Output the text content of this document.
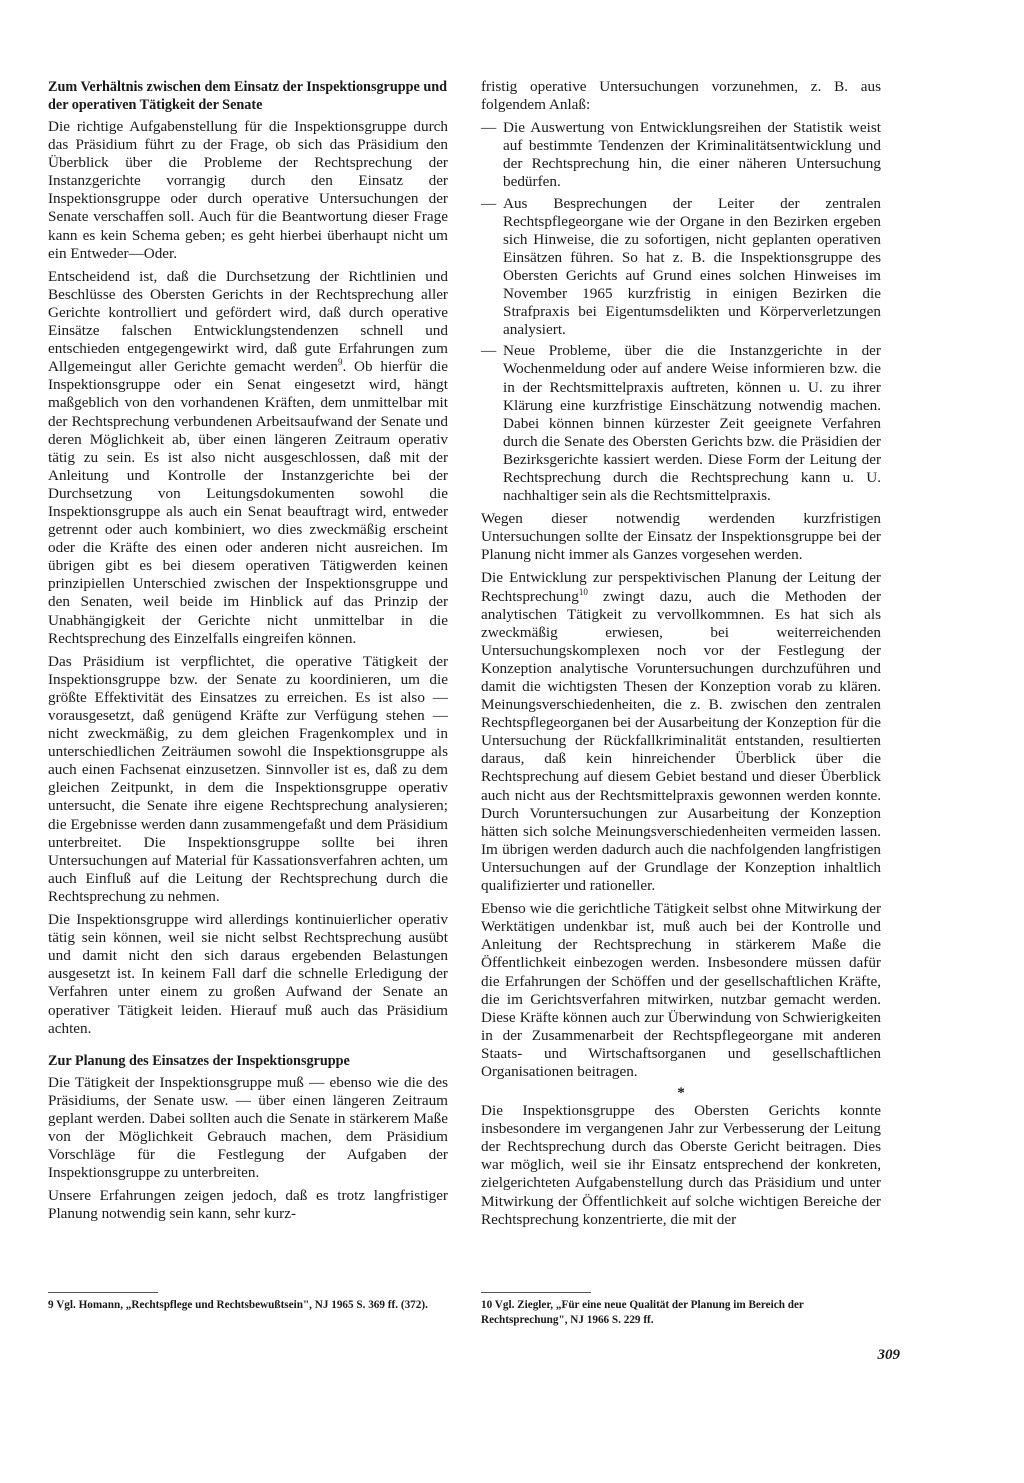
Zum Verhältnis zwischen dem Einsatz der Inspektionsgruppe und der operativen Tätigkeit der Senate

Die richtige Aufgabenstellung für die Inspektionsgruppe durch das Präsidium führt zu der Frage, ob sich das Präsidium den Überblick über die Probleme der Rechtsprechung der Instanzgerichte vorrangig durch den Einsatz der Inspektionsgruppe oder durch operative Untersuchungen der Senate verschaffen soll. Auch für die Beantwortung dieser Frage kann es kein Schema geben; es geht hierbei überhaupt nicht um ein Entweder—Oder.

Entscheidend ist, daß die Durchsetzung der Richtlinien und Beschlüsse des Obersten Gerichts in der Rechtsprechung aller Gerichte kontrolliert und gefördert wird, daß durch operative Einsätze falschen Entwicklungstendenzen schnell und entschieden entgegengewirkt wird, daß gute Erfahrungen zum Allgemeingut aller Gerichte gemacht werden$^9$. Ob hierfür die Inspektionsgruppe oder ein Senat eingesetzt wird, hängt maßgeblich von den vorhandenen Kräften, dem unmittelbar mit der Rechtsprechung verbundenen Arbeitsaufwand der Senate und deren Möglichkeit ab, über einen längeren Zeitraum operativ tätig zu sein. Es ist also nicht ausgeschlossen, daß mit der Anleitung und Kontrolle der Instanzgerichte bei der Durchsetzung von Leitungsdokumenten sowohl die Inspektionsgruppe als auch ein Senat beauftragt wird, entweder getrennt oder auch kombiniert, wo dies zweckmäßig erscheint oder die Kräfte des einen oder anderen nicht ausreichen. Im übrigen gibt es bei diesem operativen Tätigwerden keinen prinzipiellen Unterschied zwischen der Inspektionsgruppe und den Senaten, weil beide im Hinblick auf das Prinzip der Unabhängigkeit der Gerichte nicht unmittelbar in die Rechtsprechung des Einzelfalls eingreifen können.

Das Präsidium ist verpflichtet, die operative Tätigkeit der Inspektionsgruppe bzw. der Senate zu koordinieren, um die größte Effektivität des Einsatzes zu erreichen. Es ist also — vorausgesetzt, daß genügend Kräfte zur Verfügung stehen — nicht zweckmäßig, zu dem gleichen Fragenkomplex und in unterschiedlichen Zeiträumen sowohl die Inspektionsgruppe als auch einen Fachsenat einzusetzen. Sinnvoller ist es, daß zu dem gleichen Zeitpunkt, in dem die Inspektionsgruppe operativ untersucht, die Senate ihre eigene Rechtsprechung analysieren; die Ergebnisse werden dann zusammengefaßt und dem Präsidium unterbreitet. Die Inspektionsgruppe sollte bei ihren Untersuchungen auf Material für Kassationsverfahren achten, um auch Einfluß auf die Leitung der Rechtsprechung durch die Rechtsprechung zu nehmen.

Die Inspektionsgruppe wird allerdings kontinuierlicher operativ tätig sein können, weil sie nicht selbst Rechtsprechung ausübt und damit nicht den sich daraus ergebenden Belastungen ausgesetzt ist. In keinem Fall darf die schnelle Erledigung der Verfahren unter einem zu großen Aufwand der Senate an operativer Tätigkeit leiden. Hierauf muß auch das Präsidium achten.

Zur Planung des Einsatzes der Inspektionsgruppe

Die Tätigkeit der Inspektionsgruppe muß — ebenso wie die des Präsidiums, der Senate usw. — über einen längeren Zeitraum geplant werden. Dabei sollten auch die Senate in stärkerem Maße von der Möglichkeit Gebrauch machen, dem Präsidium Vorschläge für die Festlegung der Aufgaben der Inspektionsgruppe zu unterbreiten.

Unsere Erfahrungen zeigen jedoch, daß es trotz langfristiger Planung notwendig sein kann, sehr kurz-

fristig operative Untersuchungen vorzunehmen, z. B. aus folgendem Anlaß:

— Die Auswertung von Entwicklungsreihen der Statistik weist auf bestimmte Tendenzen der Kriminalitätsentwicklung und der Rechtsprechung hin, die einer näheren Untersuchung bedürfen.
— Aus Besprechungen der Leiter der zentralen Rechtspflegeorgane wie der Organe in den Bezirken ergeben sich Hinweise, die zu sofortigen, nicht geplanten operativen Einsätzen führen. So hat z. B. die Inspektionsgruppe des Obersten Gerichts auf Grund eines solchen Hinweises im November 1965 kurzfristig in einigen Bezirken die Strafpraxis bei Eigentumsdelikten und Körperverletzungen analysiert.
— Neue Probleme, über die die Instanzgerichte in der Wochenmeldung oder auf andere Weise informieren bzw. die in der Rechtsmittelpraxis auftreten, können u. U. zu ihrer Klärung eine kurzfristige Einschätzung notwendig machen. Dabei können binnen kürzester Zeit geeignete Verfahren durch die Senate des Obersten Gerichts bzw. die Präsidien der Bezirksgerichte kassiert werden. Diese Form der Leitung der Rechtsprechung durch die Rechtsprechung kann u. U. nachhaltiger sein als die Rechtsmittelpraxis.

Wegen dieser notwendig werdenden kurzfristigen Untersuchungen sollte der Einsatz der Inspektionsgruppe bei der Planung nicht immer als Ganzes vorgesehen werden.

Die Entwicklung zur perspektivischen Planung der Leitung der Rechtsprechung$^{10}$ zwingt dazu, auch die Methoden der analytischen Tätigkeit zu vervollkommnen. Es hat sich als zweckmäßig erwiesen, bei weiterreichenden Untersuchungskomplexen noch vor der Festlegung der Konzeption analytische Voruntersuchungen durchzuführen und damit die wichtigsten Thesen der Konzeption vorab zu klären. Meinungsverschiedenheiten, die z. B. zwischen den zentralen Rechtspflegeorganen bei der Ausarbeitung der Konzeption für die Untersuchung der Rückfallkriminalität entstanden, resultierten daraus, daß kein hinreichender Überblick über die Rechtsprechung auf diesem Gebiet bestand und dieser Überblick auch nicht aus der Rechtsmittelpraxis gewonnen werden konnte. Durch Voruntersuchungen zur Ausarbeitung der Konzeption hätten sich solche Meinungsverschiedenheiten vermeiden lassen. Im übrigen werden dadurch auch die nachfolgenden langfristigen Untersuchungen auf der Grundlage der Konzeption inhaltlich qualifizierter und rationeller.

Ebenso wie die gerichtliche Tätigkeit selbst ohne Mitwirkung der Werktätigen undenkbar ist, muß auch bei der Kontrolle und Anleitung der Rechtsprechung in stärkerem Maße die Öffentlichkeit einbezogen werden. Insbesondere müssen dafür die Erfahrungen der Schöffen und der gesellschaftlichen Kräfte, die im Gerichtsverfahren mitwirken, nutzbar gemacht werden. Diese Kräfte können auch zur Überwindung von Schwierigkeiten in der Zusammenarbeit der Rechtspflegeorgane mit anderen Staats- und Wirtschaftsorganen und gesellschaftlichen Organisationen beitragen.

*

Die Inspektionsgruppe des Obersten Gerichts konnte insbesondere im vergangenen Jahr zur Verbesserung der Leitung der Rechtsprechung durch das Oberste Gericht beitragen. Dies war möglich, weil sie ihr Einsatz entsprechend der konkreten, zielgerichteten Aufgabenstellung durch das Präsidium und unter Mitwirkung der Öffentlichkeit auf solche wichtigen Bereiche der Rechtsprechung konzentrierte, die mit der

9 Vgl. Homann, „Rechtspflege und Rechtsbewußtsein", NJ 1965 S. 369 ff. (372).	10 Vgl. Ziegler, „Für eine neue Qualität der Planung im Bereich der Rechtsprechung", NJ 1966 S. 229 ff.
309
